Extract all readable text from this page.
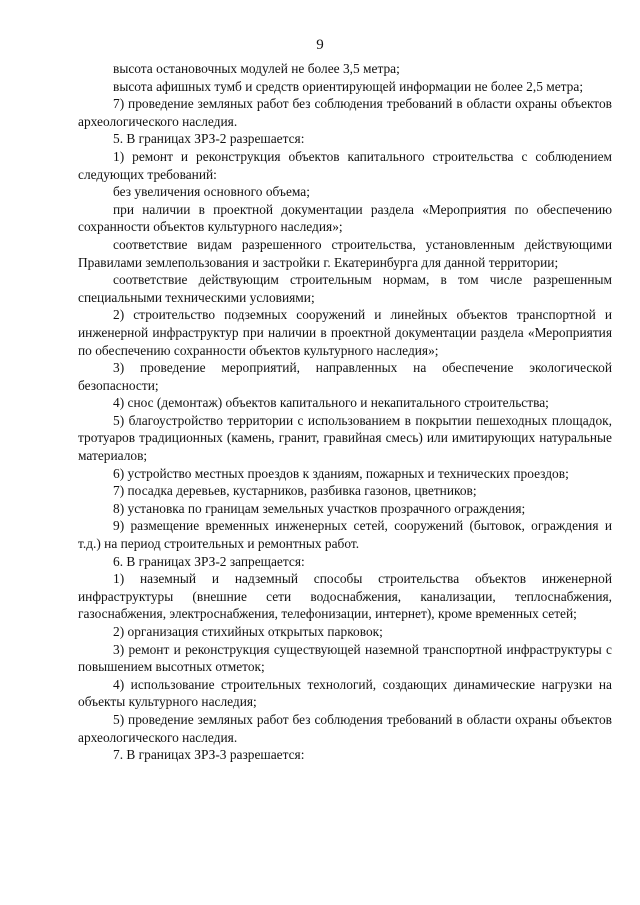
9

высота остановочных модулей не более 3,5 метра;

высота афишных тумб и средств ориентирующей информации не более 2,5 метра;

7) проведение земляных работ без соблюдения требований в области охраны объектов археологического наследия.

5. В границах ЗРЗ-2 разрешается:

1) ремонт и реконструкция объектов капитального строительства с соблюдением следующих требований:

без увеличения основного объема;

при наличии в проектной документации раздела «Мероприятия по обеспечению сохранности объектов культурного наследия»;

соответствие видам разрешенного строительства, установленным действующими Правилами землепользования и застройки г. Екатеринбурга для данной территории;

соответствие действующим строительным нормам, в том числе разрешенным специальными техническими условиями;

2) строительство подземных сооружений и линейных объектов транспортной и инженерной инфраструктур при наличии в проектной документации раздела «Мероприятия по обеспечению сохранности объектов культурного наследия»;

3) проведение мероприятий, направленных на обеспечение экологической безопасности;

4) снос (демонтаж) объектов капитального и некапитального строительства;

5) благоустройство территории с использованием в покрытии пешеходных площадок, тротуаров традиционных (камень, гранит, гравийная смесь) или имитирующих натуральные материалов;

6) устройство местных проездов к зданиям, пожарных и технических проездов;

7) посадка деревьев, кустарников, разбивка газонов, цветников;

8) установка по границам земельных участков прозрачного ограждения;

9) размещение временных инженерных сетей, сооружений (бытовок, ограждения и т.д.) на период строительных и ремонтных работ.

6. В границах ЗРЗ-2 запрещается:

1) наземный и надземный способы строительства объектов инженерной инфраструктуры (внешние сети водоснабжения, канализации, теплоснабжения, газоснабжения, электроснабжения, телефонизации, интернет), кроме временных сетей;

2) организация стихийных открытых парковок;

3) ремонт и реконструкция существующей наземной транспортной инфраструктуры с повышением высотных отметок;

4) использование строительных технологий, создающих динамические нагрузки на объекты культурного наследия;

5) проведение земляных работ без соблюдения требований в области охраны объектов археологического наследия.

7. В границах ЗРЗ-3 разрешается:
